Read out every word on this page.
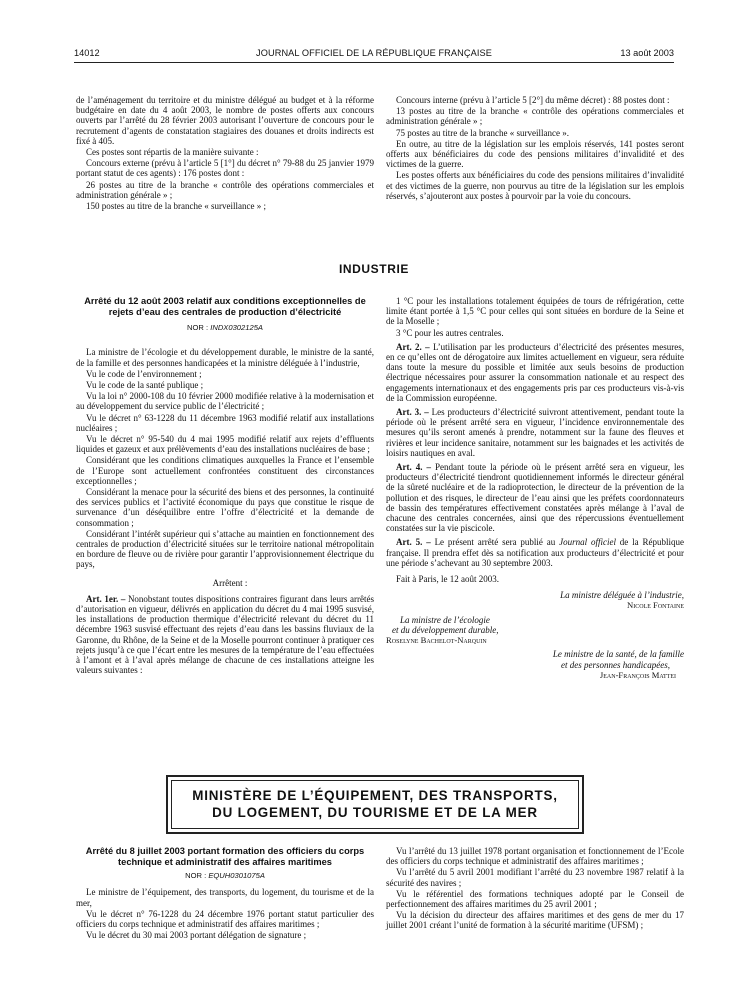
14012	JOURNAL OFFICIEL DE LA RÉPUBLIQUE FRANÇAISE	13 août 2003

de l’aménagement du territoire et du ministre délégué au budget et à la réforme budgétaire en date du 4 août 2003, le nombre de postes offerts aux concours ouverts par l’arrêté du 28 février 2003 autorisant l’ouverture de concours pour le recrutement d’agents de constatation stagiaires des douanes et droits indirects est fixé à 405.

Ces postes sont répartis de la manière suivante :

Concours externe (prévu à l’article 5 [1°] du décret n° 79-88 du 25 janvier 1979 portant statut de ces agents) : 176 postes dont :

26 postes au titre de la branche « contrôle des opérations commerciales et administration générale » ;

150 postes au titre de la branche « surveillance » ;

Concours interne (prévu à l’article 5 [2°] du même décret) : 88 postes dont :

13 postes au titre de la branche « contrôle des opérations commerciales et administration générale » ;

75 postes au titre de la branche « surveillance ».

En outre, au titre de la législation sur les emplois réservés, 141 postes seront offerts aux bénéficiaires du code des pensions militaires d’invalidité et des victimes de la guerre.

Les postes offerts aux bénéficiaires du code des pensions militaires d’invalidité et des victimes de la guerre, non pourvus au titre de la législation sur les emplois réservés, s’ajouteront aux postes à pourvoir par la voie du concours.

INDUSTRIE
Arrêté du 12 août 2003 relatif aux conditions exceptionnelles de rejets d’eau des centrales de production d’électricité
NOR : INDX0302125A

La ministre de l’écologie et du développement durable, le ministre de la santé, de la famille et des personnes handicapées et la ministre déléguée à l’industrie,

Vu le code de l’environnement ;

Vu le code de la santé publique ;

Vu la loi n° 2000-108 du 10 février 2000 modifiée relative à la modernisation et au développement du service public de l’électricité ;

Vu le décret n° 63-1228 du 11 décembre 1963 modifié relatif aux installations nucléaires ;

Vu le décret n° 95-540 du 4 mai 1995 modifié relatif aux rejets d’effluents liquides et gazeux et aux prélèvements d’eau des installations nucléaires de base ;

Considérant que les conditions climatiques auxquelles la France et l’ensemble de l’Europe sont actuellement confrontées constituent des circonstances exceptionnelles ;

Considérant la menace pour la sécurité des biens et des personnes, la continuité des services publics et l’activité économique du pays que constitue le risque de survenance d’un déséquilibre entre l’offre d’électricité et la demande de consommation ;

Considérant l’intérêt supérieur qui s’attache au maintien en fonctionnement des centrales de production d’électricité situées sur le territoire national métropolitain en bordure de fleuve ou de rivière pour garantir l’approvisionnement électrique du pays,

Arrêtent :

Art. 1er. – Nonobstant toutes dispositions contraires figurant dans leurs arrêtés d’autorisation en vigueur, délivrés en application du décret du 4 mai 1995 susvisé, les installations de production thermique d’électricité relevant du décret du 11 décembre 1963 susvisé effectuant des rejets d’eau dans les bassins fluviaux de la Garonne, du Rhône, de la Seine et de la Moselle pourront continuer à pratiquer ces rejets jusqu’à ce que l’écart entre les mesures de la température de l’eau effectuées à l’amont et à l’aval après mélange de chacune de ces installations atteigne les valeurs suivantes :

1 °C pour les installations totalement équipées de tours de réfrigération, cette limite étant portée à 1,5 °C pour celles qui sont situées en bordure de la Seine et de la Moselle ;

3 °C pour les autres centrales.

Art. 2. – L’utilisation par les producteurs d’électricité des présentes mesures, en ce qu’elles ont de dérogatoire aux limites actuellement en vigueur, sera réduite dans toute la mesure du possible et limitée aux seuls besoins de production électrique nécessaires pour assurer la consommation nationale et au respect des engagements internationaux et des engagements pris par ces producteurs vis-à-vis de la Commission européenne.

Art. 3. – Les producteurs d’électricité suivront attentivement, pendant toute la période où le présent arrêté sera en vigueur, l’incidence environnementale des mesures qu’ils seront amenés à prendre, notamment sur la faune des fleuves et rivières et leur incidence sanitaire, notamment sur les baignades et les activités de loisirs nautiques en aval.

Art. 4. – Pendant toute la période où le présent arrêté sera en vigueur, les producteurs d’électricité tiendront quotidiennement informés le directeur général de la sûreté nucléaire et de la radioprotection, le directeur de la prévention de la pollution et des risques, le directeur de l’eau ainsi que les préfets coordonnateurs de bassin des températures effectivement constatées après mélange à l’aval de chacune des centrales concernées, ainsi que des répercussions éventuellement constatées sur la vie piscicole.

Art. 5. – Le présent arrêté sera publié au Journal officiel de la République française. Il prendra effet dès sa notification aux producteurs d’électricité et pour une période s’achevant au 30 septembre 2003.

Fait à Paris, le 12 août 2003.

La ministre déléguée à l’industrie,
Nicole Fontaine
La ministre de l’écologie
et du développement durable,
Roselyne Bachelot-Narquin
Le ministre de la santé, de la famille
et des personnes handicapées,
Jean-François Mattei
MINISTÈRE DE L’ÉQUIPEMENT, DES TRANSPORTS,
DU LOGEMENT, DU TOURISME ET DE LA MER
Arrêté du 8 juillet 2003 portant formation des officiers du corps technique et administratif des affaires maritimes
NOR : EQUH0301075A

Le ministre de l’équipement, des transports, du logement, du tourisme et de la mer,

Vu le décret n° 76-1228 du 24 décembre 1976 portant statut particulier des officiers du corps technique et administratif des affaires maritimes ;

Vu le décret du 30 mai 2003 portant délégation de signature ;

Vu l’arrêté du 13 juillet 1978 portant organisation et fonctionnement de l’Ecole des officiers du corps technique et administratif des affaires maritimes ;

Vu l’arrêté du 5 avril 2001 modifiant l’arrêté du 23 novembre 1987 relatif à la sécurité des navires ;

Vu le référentiel des formations techniques adopté par le Conseil de perfectionnement des affaires maritimes du 25 avril 2001 ;

Vu la décision du directeur des affaires maritimes et des gens de mer du 17 juillet 2001 créant l’unité de formation à la sécurité maritime (UFSM) ;
